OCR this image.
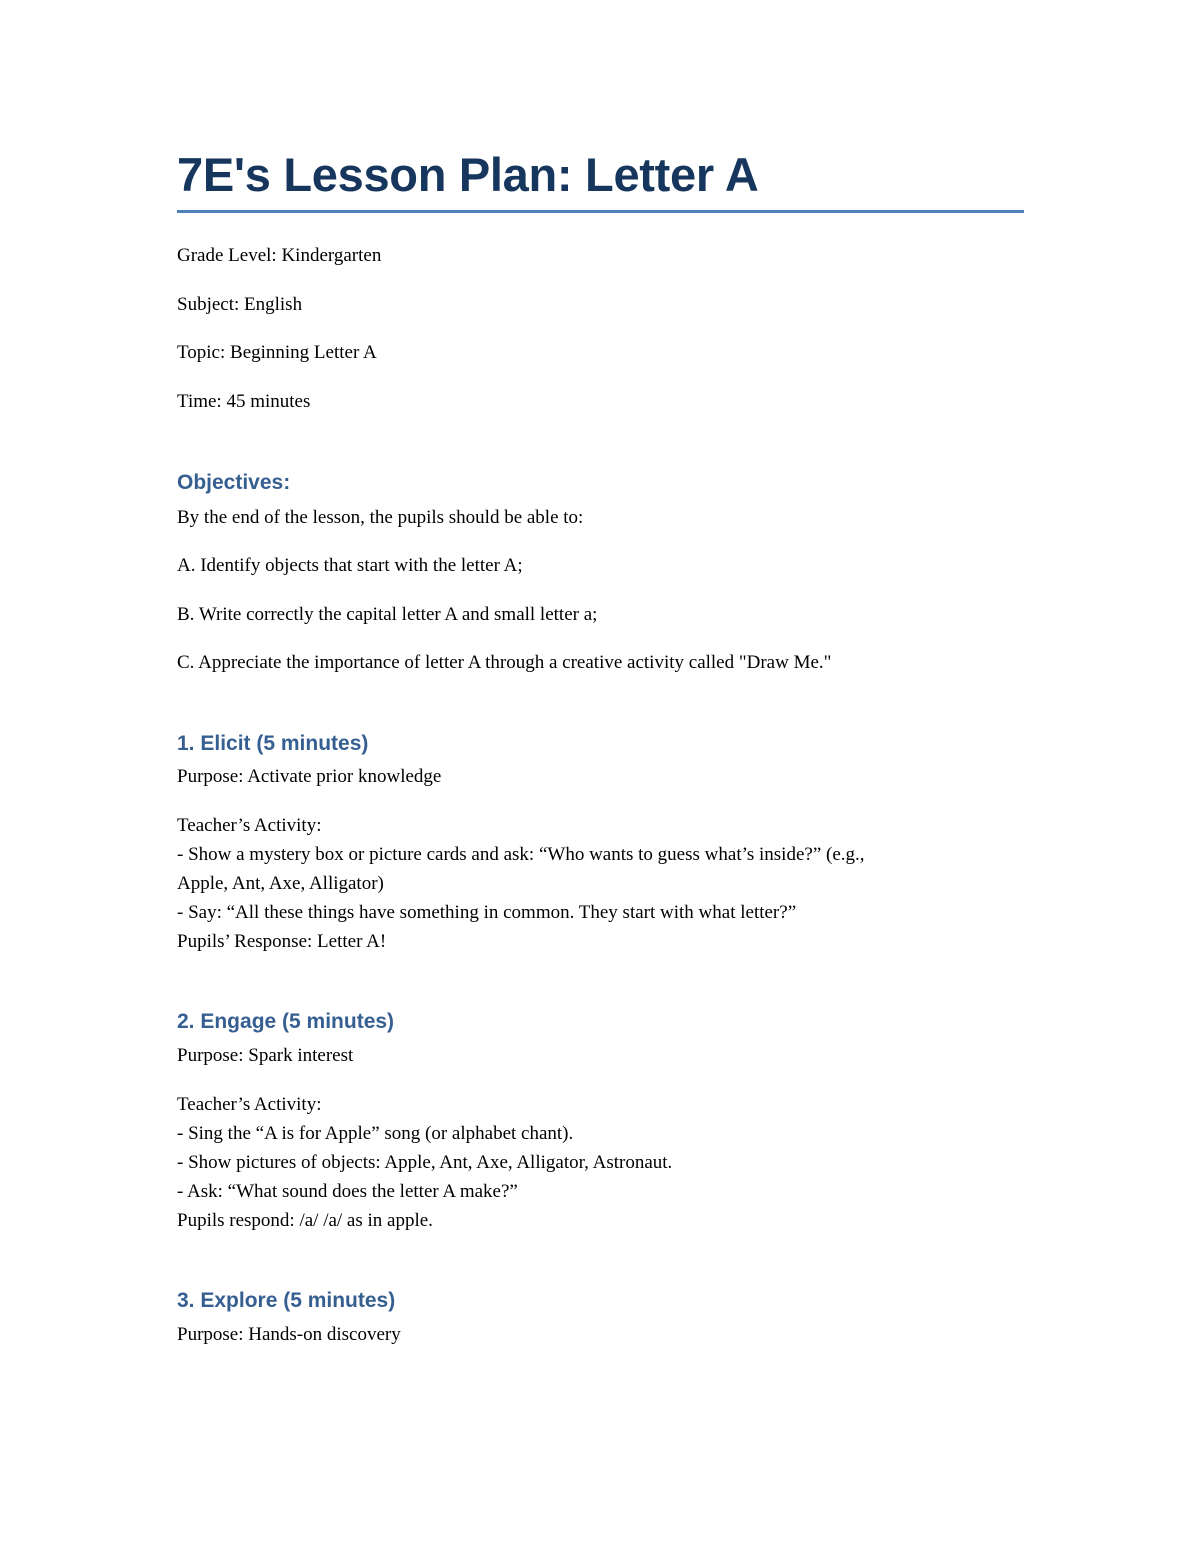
7E's Lesson Plan: Letter A

Grade Level: Kindergarten

Subject: English

Topic: Beginning Letter A

Time: 45 minutes

Objectives:

By the end of the lesson, the pupils should be able to:

A. Identify objects that start with the letter A;

B. Write correctly the capital letter A and small letter a;

C. Appreciate the importance of letter A through a creative activity called "Draw Me."

1. Elicit (5 minutes)

Purpose: Activate prior knowledge

Teacher’s Activity:

- Show a mystery box or picture cards and ask: “Who wants to guess what’s inside?” (e.g.,

Apple, Ant, Axe, Alligator)

- Say: “All these things have something in common. They start with what letter?”

Pupils’ Response: Letter A!

2. Engage (5 minutes)

Purpose: Spark interest

Teacher’s Activity:

- Sing the “A is for Apple” song (or alphabet chant).

- Show pictures of objects: Apple, Ant, Axe, Alligator, Astronaut.

- Ask: “What sound does the letter A make?”

Pupils respond: /a/ /a/ as in apple.

3. Explore (5 minutes)

Purpose: Hands-on discovery
